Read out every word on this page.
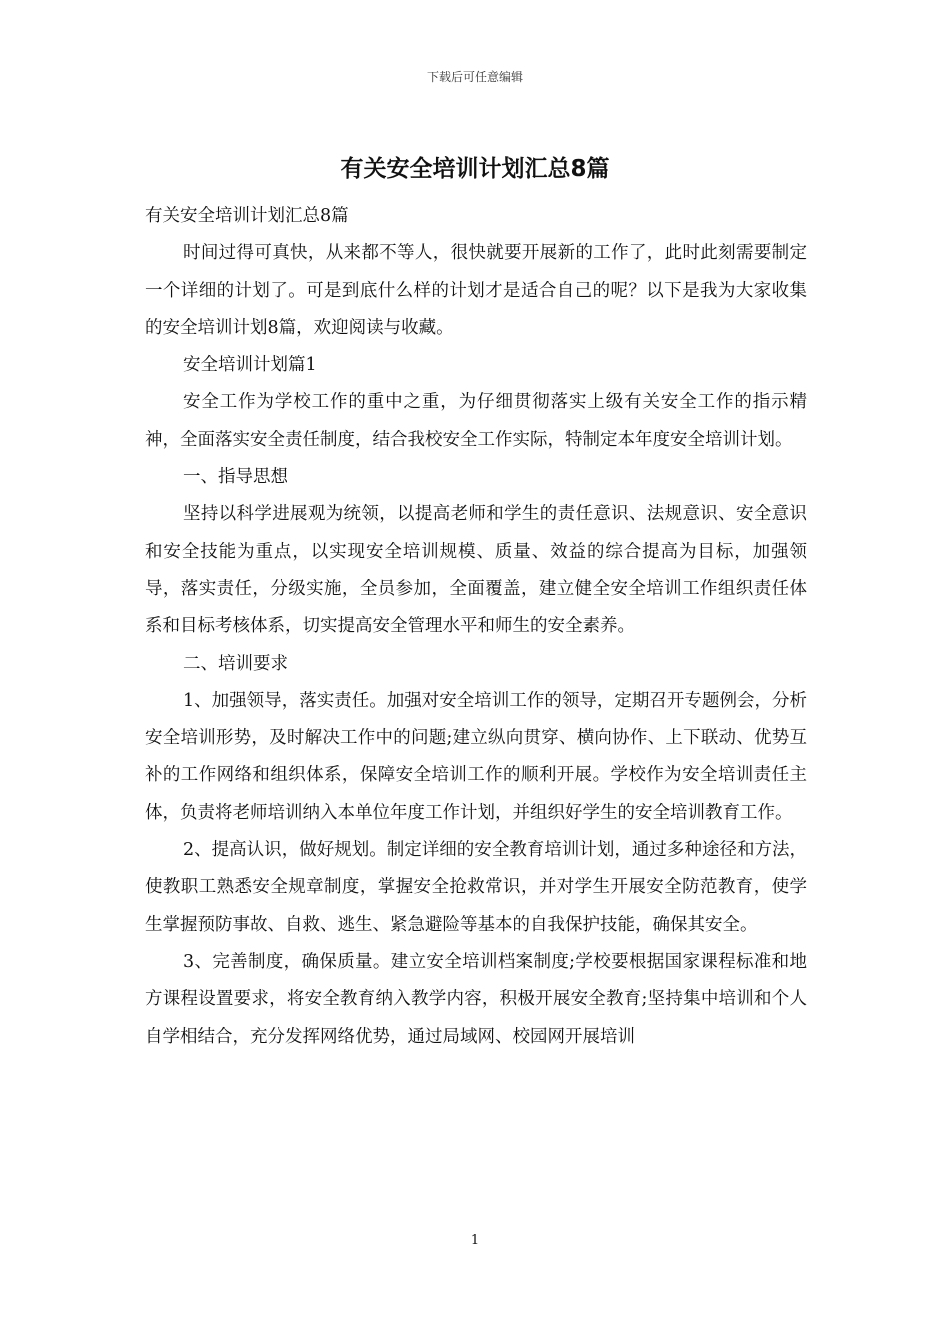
下载后可任意编辑
有关安全培训计划汇总8篇

有关安全培训计划汇总8篇

时间过得可真快，从来都不等人，很快就要开展新的工作了，此时此刻需要制定一个详细的计划了。可是到底什么样的计划才是适合自己的呢？以下是我为大家收集的安全培训计划8篇，欢迎阅读与收藏。

安全培训计划篇1

安全工作为学校工作的重中之重，为仔细贯彻落实上级有关安全工作的指示精神，全面落实安全责任制度，结合我校安全工作实际，特制定本年度安全培训计划。

一、指导思想

坚持以科学进展观为统领，以提高老师和学生的责任意识、法规意识、安全意识和安全技能为重点，以实现安全培训规模、质量、效益的综合提高为目标，加强领导，落实责任，分级实施，全员参加，全面覆盖，建立健全安全培训工作组织责任体系和目标考核体系，切实提高安全管理水平和师生的安全素养。

二、培训要求

1、加强领导，落实责任。加强对安全培训工作的领导，定期召开专题例会，分析安全培训形势，及时解决工作中的问题;建立纵向贯穿、横向协作、上下联动、优势互补的工作网络和组织体系，保障安全培训工作的顺利开展。学校作为安全培训责任主体，负责将老师培训纳入本单位年度工作计划，并组织好学生的安全培训教育工作。

2、提高认识，做好规划。制定详细的安全教育培训计划，通过多种途径和方法，使教职工熟悉安全规章制度，掌握安全抢救常识，并对学生开展安全防范教育，使学生掌握预防事故、自救、逃生、紧急避险等基本的自我保护技能，确保其安全。

3、完善制度，确保质量。建立安全培训档案制度;学校要根据国家课程标准和地方课程设置要求，将安全教育纳入教学内容，积极开展安全教育;坚持集中培训和个人自学相结合，充分发挥网络优势，通过局域网、校园网开展培训

1
